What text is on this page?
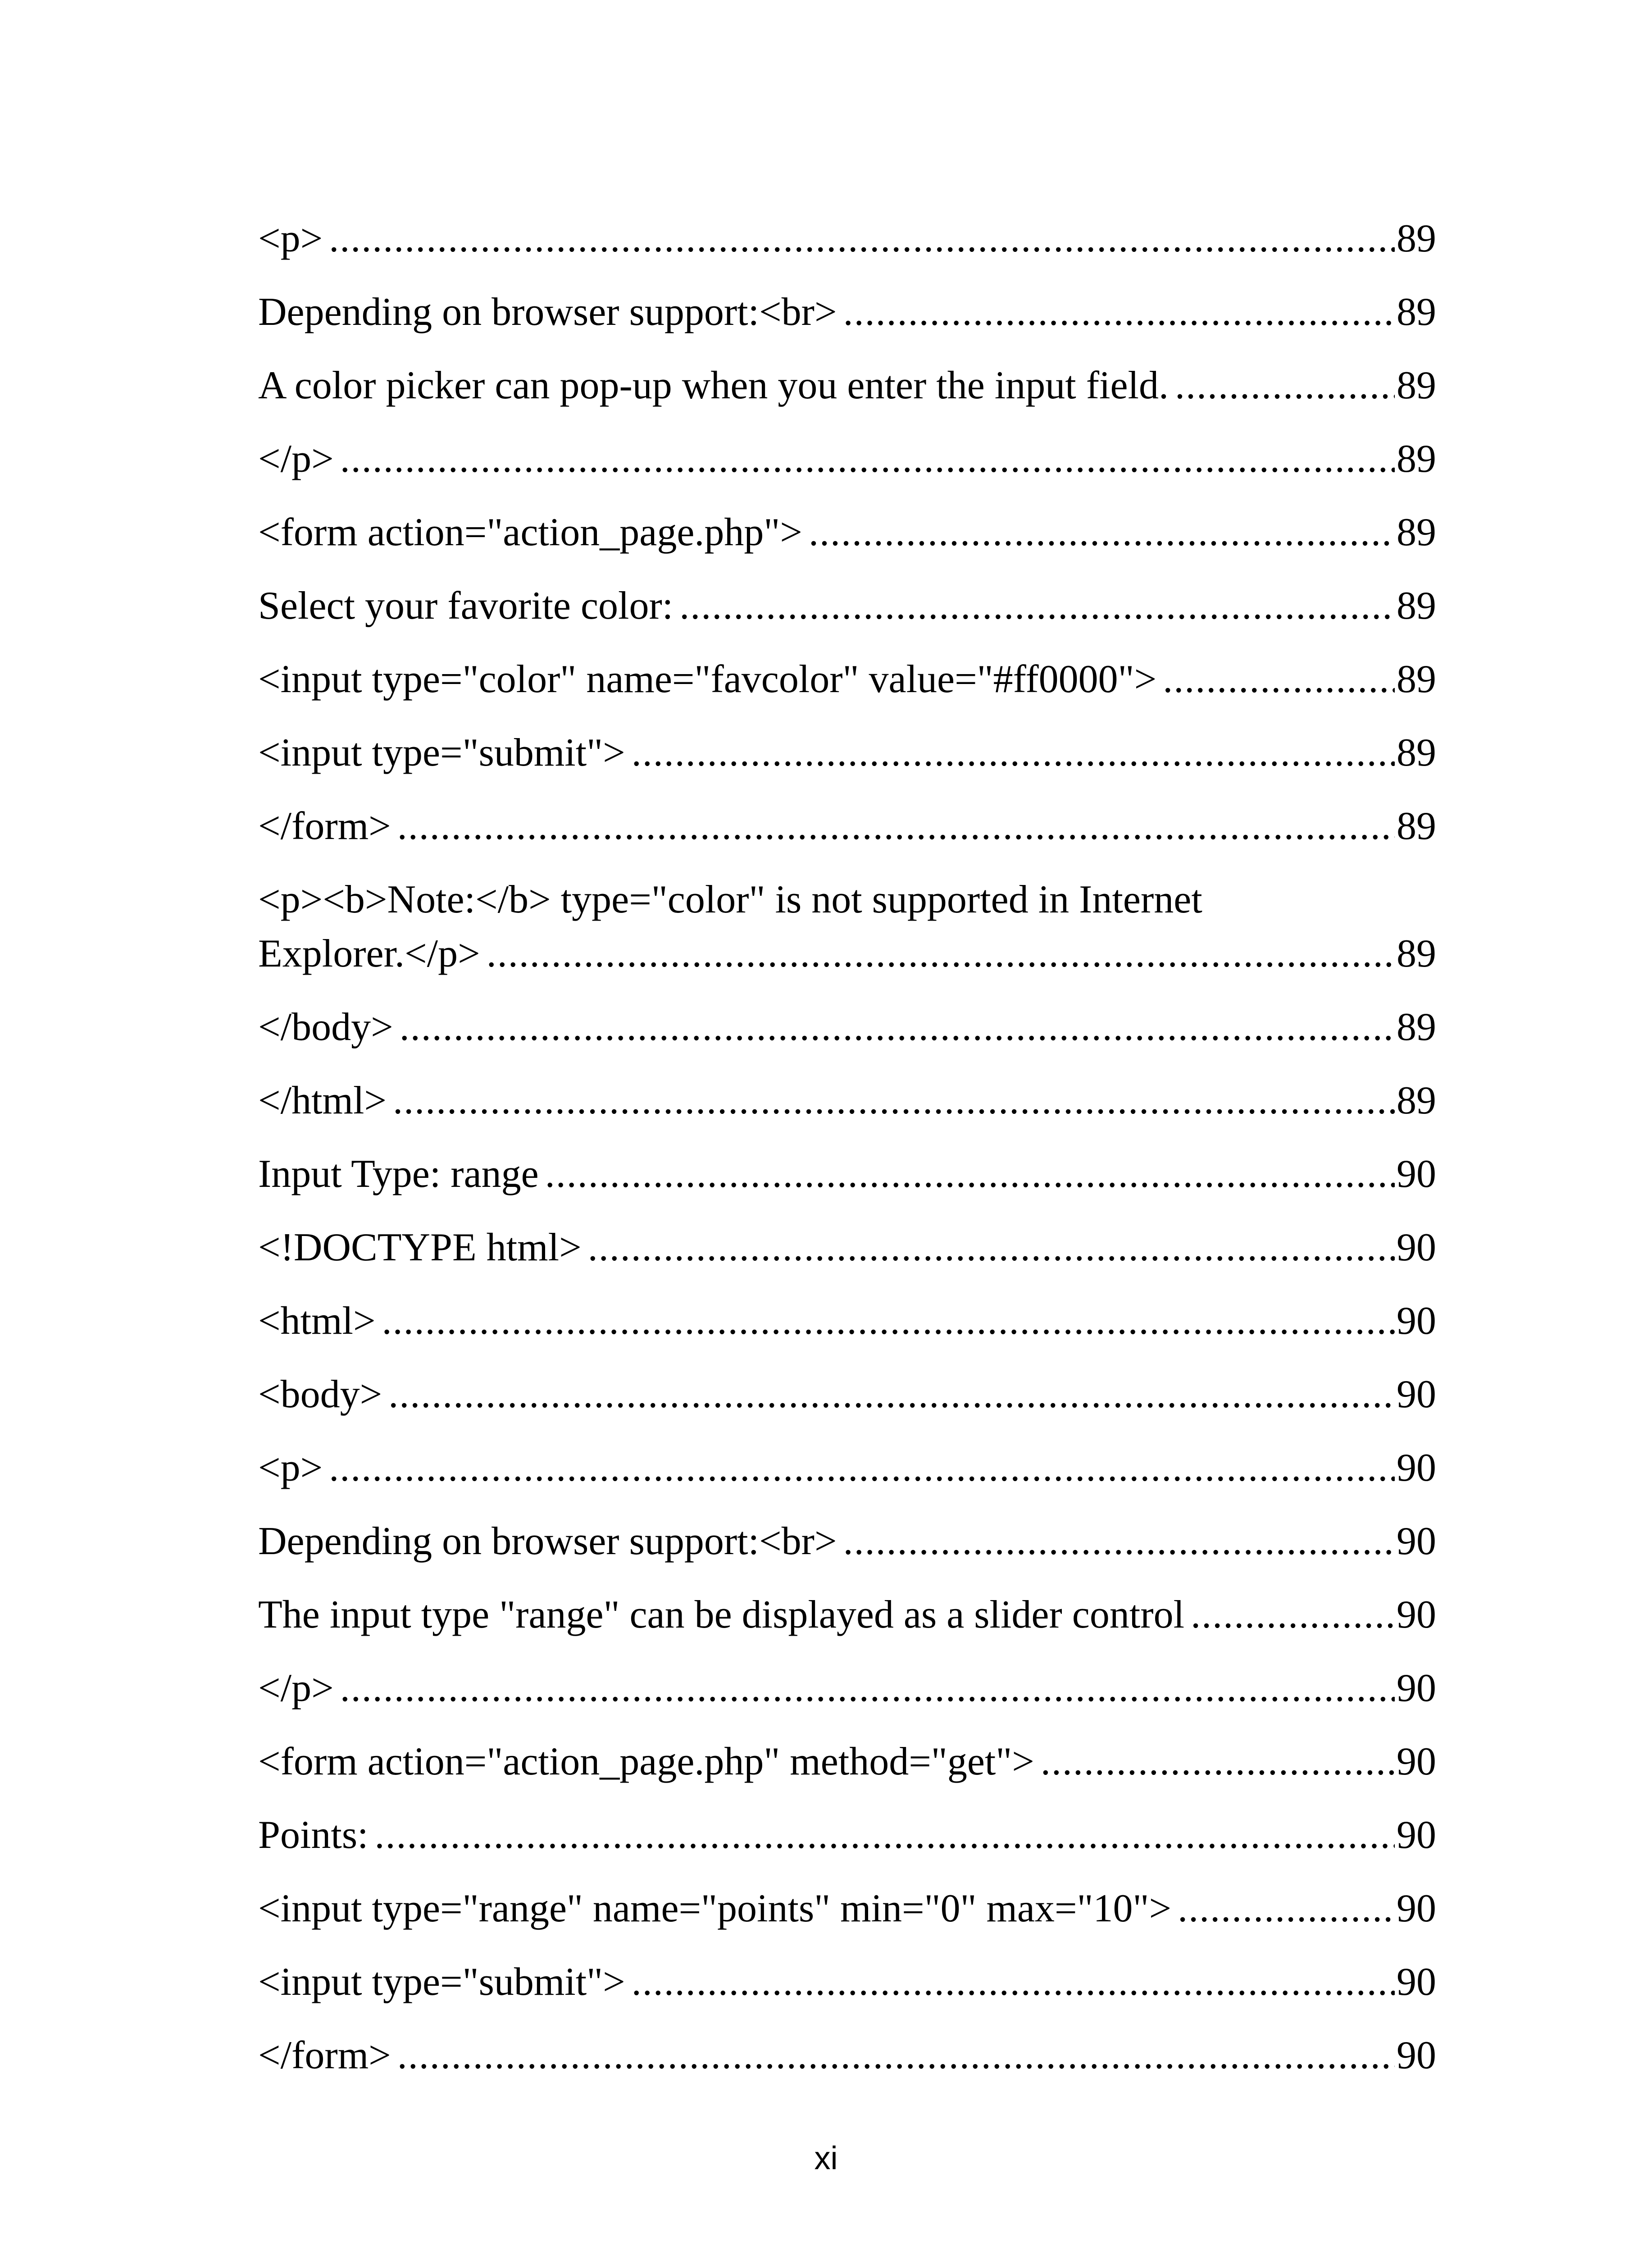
<p> .....	89
Depending on browser support:<br> .....	89
A color picker can pop-up when you enter the input field. .....	89
</p> .....	89
<form action="action_page.php"> .....	89
Select your favorite color: .....	89
<input type="color" name="favcolor" value="#ff0000"> .....	89
<input type="submit"> .....	89
</form> .....	89
<p><b>Note:</b> type="color" is not supported in Internet
Explorer.</p> .....	89
</body> .....	89
</html> .....	89
Input Type: range .....	90
<!DOCTYPE html> .....	90
<html> .....	90
<body> .....	90
<p> .....	90
Depending on browser support:<br> .....	90
The input type "range" can be displayed as a slider control .....	90
</p> .....	90
<form action="action_page.php" method="get"> .....	90
Points: .....	90
<input type="range" name="points" min="0" max="10"> .....	90
<input type="submit"> .....	90
</form> .....	90
xi
